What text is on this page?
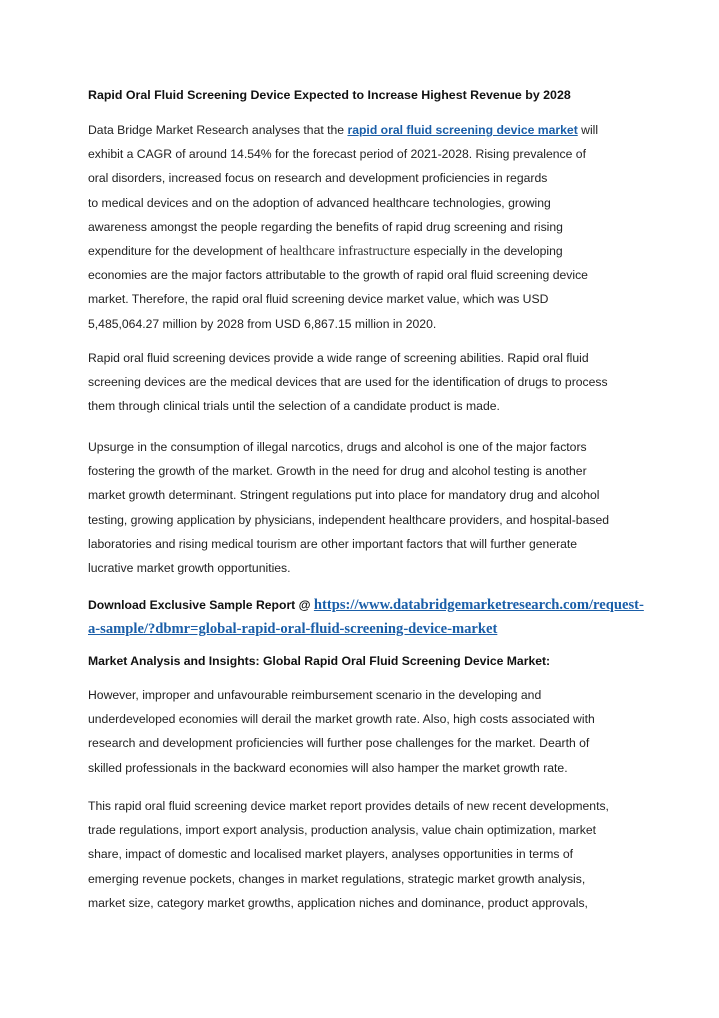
Rapid Oral Fluid Screening Device Expected to Increase Highest Revenue by 2028
Data Bridge Market Research analyses that the rapid oral fluid screening device market will
exhibit a CAGR of around 14.54% for the forecast period of 2021-2028. Rising prevalence of
oral disorders, increased focus on research and development proficiencies in regards
to medical devices and on the adoption of advanced healthcare technologies, growing
awareness amongst the people regarding the benefits of rapid drug screening and rising
expenditure for the development of healthcare infrastructure especially in the developing
economies are the major factors attributable to the growth of rapid oral fluid screening device
market. Therefore, the rapid oral fluid screening device market value, which was USD
5,485,064.27 million by 2028 from USD 6,867.15 million in 2020.
Rapid oral fluid screening devices provide a wide range of screening abilities. Rapid oral fluid
screening devices are the medical devices that are used for the identification of drugs to process
them through clinical trials until the selection of a candidate product is made.
Upsurge in the consumption of illegal narcotics, drugs and alcohol is one of the major factors
fostering the growth of the market. Growth in the need for drug and alcohol testing is another
market growth determinant. Stringent regulations put into place for mandatory drug and alcohol
testing, growing application by physicians, independent healthcare providers, and hospital-based
laboratories and rising medical tourism are other important factors that will further generate
lucrative market growth opportunities.
Download Exclusive Sample Report @ https://www.databridgemarketresearch.com/request-
a-sample/?dbmr=global-rapid-oral-fluid-screening-device-market
Market Analysis and Insights: Global Rapid Oral Fluid Screening Device Market:
However, improper and unfavourable reimbursement scenario in the developing and
underdeveloped economies will derail the market growth rate. Also, high costs associated with
research and development proficiencies will further pose challenges for the market. Dearth of
skilled professionals in the backward economies will also hamper the market growth rate.
This rapid oral fluid screening device market report provides details of new recent developments,
trade regulations, import export analysis, production analysis, value chain optimization, market
share, impact of domestic and localised market players, analyses opportunities in terms of
emerging revenue pockets, changes in market regulations, strategic market growth analysis,
market size, category market growths, application niches and dominance, product approvals,
